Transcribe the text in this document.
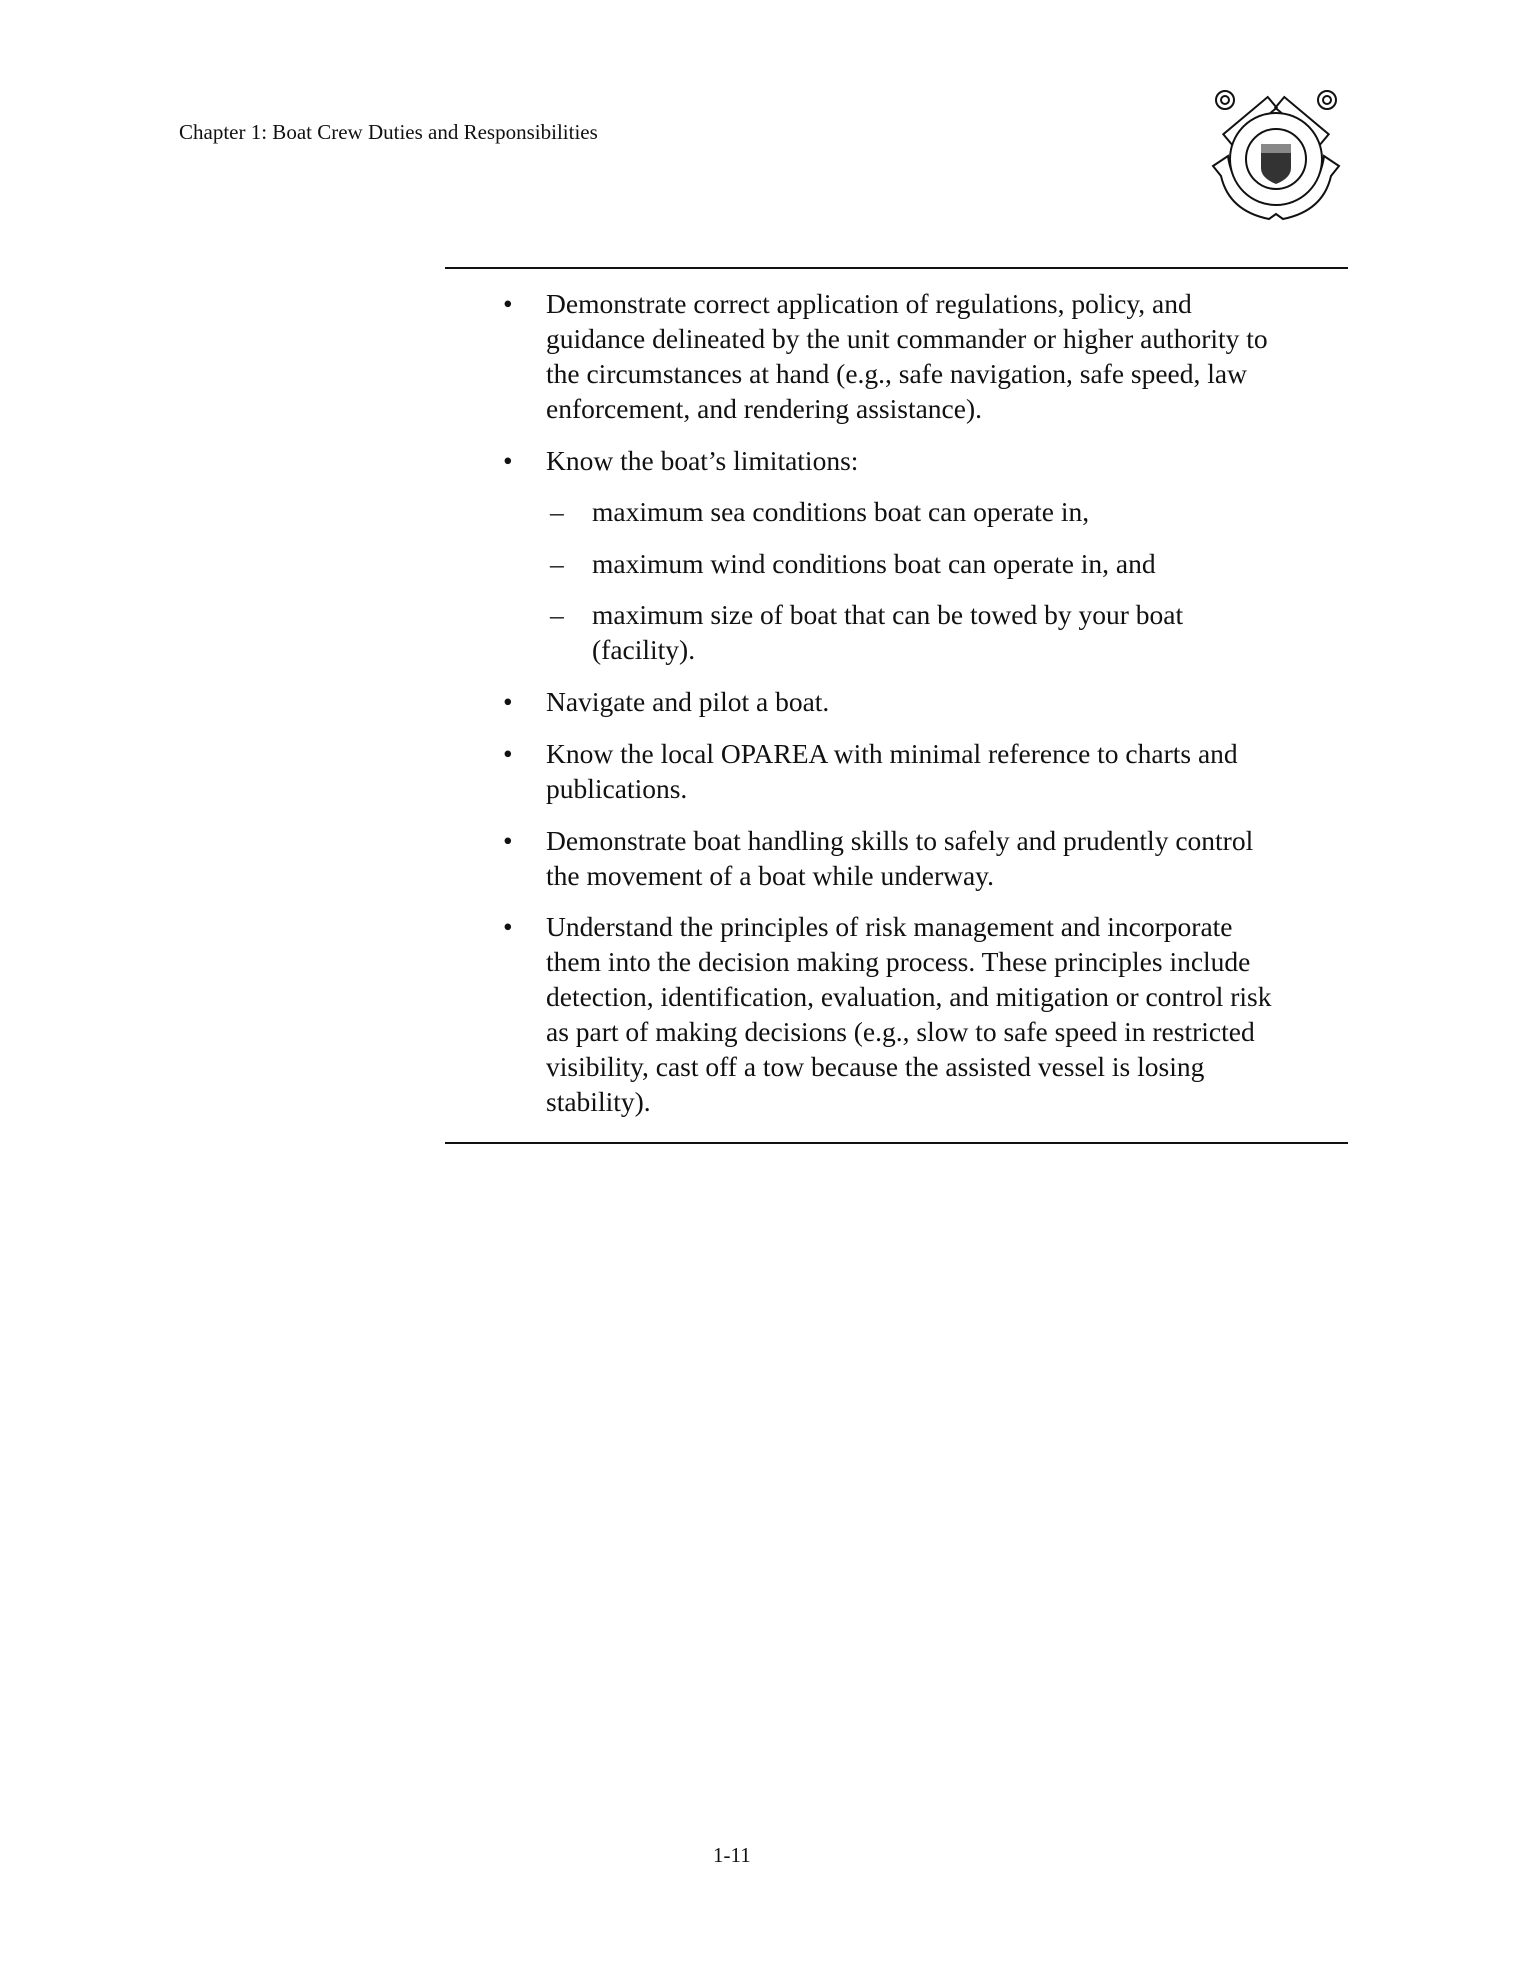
Chapter 1: Boat Crew Duties and Responsibilities
• Demonstrate correct application of regulations, policy, and
guidance delineated by the unit commander or higher authority to
the circumstances at hand (e.g., safe navigation, safe speed, law
enforcement, and rendering assistance).
• Know the boat’s limitations:
– maximum sea conditions boat can operate in,
– maximum wind conditions boat can operate in, and
– maximum size of boat that can be towed by your boat
(facility).
• Navigate and pilot a boat.
• Know the local OPAREA with minimal reference to charts and
publications.
• Demonstrate boat handling skills to safely and prudently control
the movement of a boat while underway.
• Understand the principles of risk management and incorporate
them into the decision making process. These principles include
detection, identification, evaluation, and mitigation or control risk
as part of making decisions (e.g., slow to safe speed in restricted
visibility, cast off a tow because the assisted vessel is losing
stability).
1-11
